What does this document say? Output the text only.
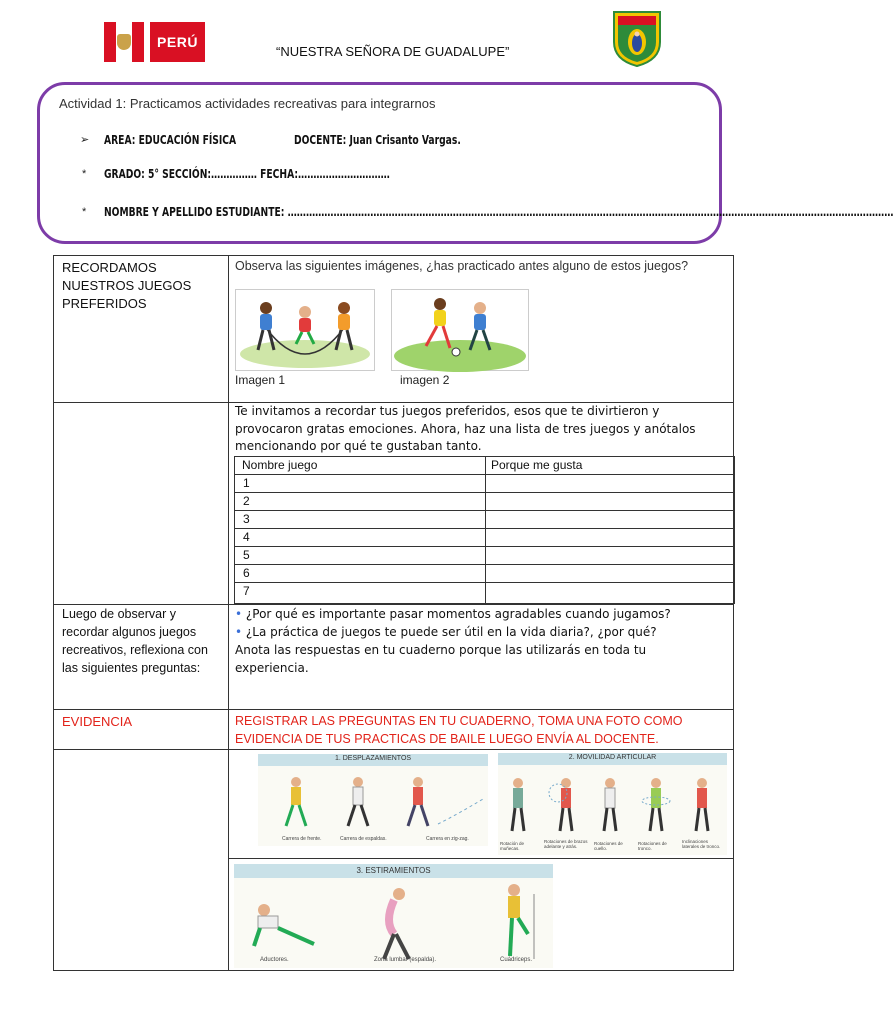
PERÚ
“NUESTRA SEÑORA DE GUADALUPE”
Actividad 1: Practicamos actividades recreativas para integrarnos
➢ AREA: EDUCACIÓN FÍSICA	DOCENTE: Juan Crisanto Vargas.
* GRADO: 5° SECCIÓN:…………… FECHA:…………………………
* NOMBRE Y APELLIDO ESTUDIANTE: ………………………………………………………………………………………………………………………………………………………………………………
RECORDAMOS NUESTROS JUEGOS PREFERIDOS
Observa las siguientes imágenes, ¿has practicado antes alguno de estos juegos?
Imagen 1	imagen 2
Te invitamos a recordar tus juegos preferidos, esos que te divirtieron y provocaron gratas emociones. Ahora, haz una lista de tres juegos y anótalos mencionando por qué te gustaban tanto.
Nombre juego	Porque me gusta
1
2
3
4
5
6
7
Luego de observar y recordar algunos juegos recreativos, reflexiona con las siguientes preguntas:
• ¿Por qué es importante pasar momentos agradables cuando jugamos?
• ¿La práctica de juegos te puede ser útil en la vida diaria?, ¿por qué?
Anota las respuestas en tu cuaderno porque las utilizarás en toda tu experiencia.
EVIDENCIA	REGISTRAR LAS PREGUNTAS EN TU CUADERNO, TOMA UNA FOTO COMO EVIDENCIA DE TUS PRACTICAS DE BAILE LUEGO ENVÍA AL DOCENTE.
1. DESPLAZAMIENTOS
Carrera de frente.	Carrera de espaldas.	Carrera en zig-zag.
2. MOVILIDAD ARTICULAR
Rotación de muñecas.
Rotaciones de brazos adelante y atrás.
Rotaciones de cuello.
Rotaciones de tronco.
Inclinaciones laterales de tronco.
3. ESTIRAMIENTOS
Aductores.	Zona lumbar (espalda).	Cuádriceps.
